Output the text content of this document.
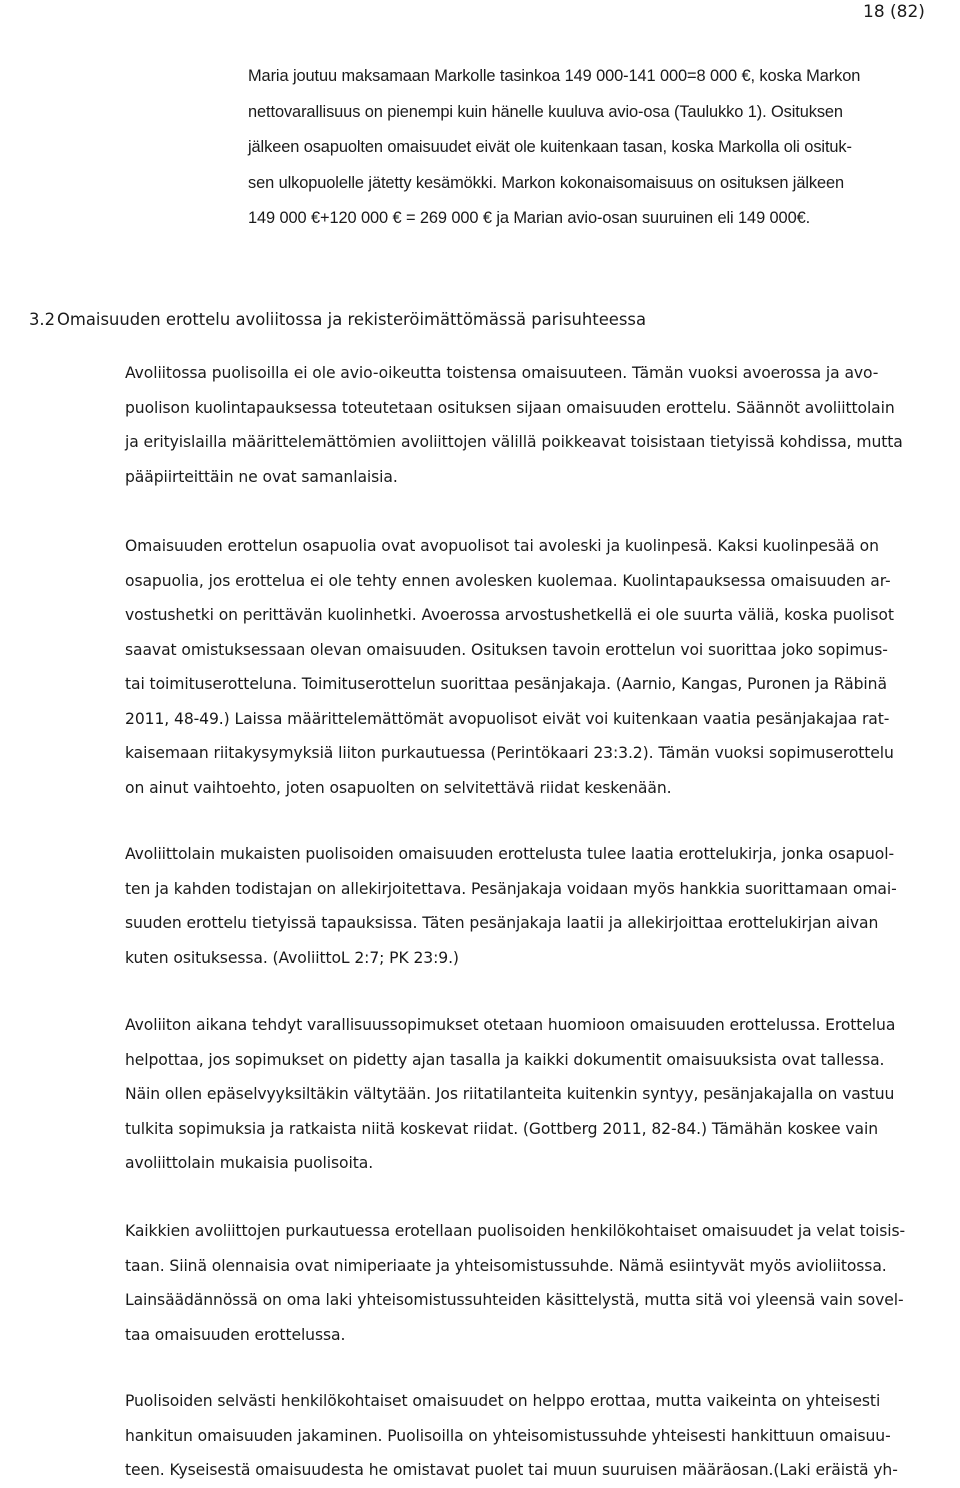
18 (82)
Maria joutuu maksamaan Markolle tasinkoa 149 000-141 000=8 000 €, koska Markon
nettovarallisuus on pienempi kuin hänelle kuuluva avio-osa (Taulukko 1). Osituksen
jälkeen osapuolten omaisuudet eivät ole kuitenkaan tasan, koska Markolla oli osituk-
sen ulkopuolelle jätetty kesämökki. Markon kokonaisomaisuus on osituksen jälkeen
149 000 €+120 000 € = 269 000 € ja Marian avio-osan suuruinen eli 149 000€.
3.2 Omaisuuden erottelu avoliitossa ja rekisteröimättömässä parisuhteessa
Avoliitossa puolisoilla ei ole avio-oikeutta toistensa omaisuuteen. Tämän vuoksi avoerossa ja avo-
puolison kuolintapauksessa toteutetaan osituksen sijaan omaisuuden erottelu. Säännöt avoliittolain
ja erityislailla määrittelemättömien avoliittojen välillä poikkeavat toisistaan tietyissä kohdissa, mutta
pääpiirteittäin ne ovat samanlaisia.
Omaisuuden erottelun osapuolia ovat avopuolisot tai avoleski ja kuolinpesä. Kaksi kuolinpesää on
osapuolia, jos erottelua ei ole tehty ennen avolesken kuolemaa. Kuolintapauksessa omaisuuden ar-
vostushetki on perittävän kuolinhetki. Avoerossa arvostushetkellä ei ole suurta väliä, koska puolisot
saavat omistuksessaan olevan omaisuuden. Osituksen tavoin erottelun voi suorittaa joko sopimus-
tai toimituserotteluna. Toimituserottelun suorittaa pesänjakaja. (Aarnio, Kangas, Puronen ja Räbinä
2011, 48-49.) Laissa määrittelemättömät avopuolisot eivät voi kuitenkaan vaatia pesänjakajaa rat-
kaisemaan riitakysymyksiä liiton purkautuessa (Perintökaari 23:3.2). Tämän vuoksi sopimuserottelu
on ainut vaihtoehto, joten osapuolten on selvitettävä riidat keskenään.
Avoliittolain mukaisten puolisoiden omaisuuden erottelusta tulee laatia erottelukirja, jonka osapuol-
ten ja kahden todistajan on allekirjoitettava. Pesänjakaja voidaan myös hankkia suorittamaan omai-
suuden erottelu tietyissä tapauksissa. Täten pesänjakaja laatii ja allekirjoittaa erottelukirjan aivan
kuten osituksessa. (AvoliittoL 2:7; PK 23:9.)
Avoliiton aikana tehdyt varallisuussopimukset otetaan huomioon omaisuuden erottelussa. Erottelua
helpottaa, jos sopimukset on pidetty ajan tasalla ja kaikki dokumentit omaisuuksista ovat tallessa.
Näin ollen epäselvyyksiltäkin vältytään. Jos riitatilanteita kuitenkin syntyy, pesänjakajalla on vastuu
tulkita sopimuksia ja ratkaista niitä koskevat riidat. (Gottberg 2011, 82-84.) Tämähän koskee vain
avoliittolain mukaisia puolisoita.
Kaikkien avoliittojen purkautuessa erotellaan puolisoiden henkilökohtaiset omaisuudet ja velat toisis-
taan. Siinä olennaisia ovat nimiperiaate ja yhteisomistussuhde. Nämä esiintyvät myös avioliitossa.
Lainsäädännössä on oma laki yhteisomistussuhteiden käsittelystä, mutta sitä voi yleensä vain sovel-
taa omaisuuden erottelussa.
Puolisoiden selvästi henkilökohtaiset omaisuudet on helppo erottaa, mutta vaikeinta on yhteisesti
hankitun omaisuuden jakaminen. Puolisoilla on yhteisomistussuhde yhteisesti hankittuun omaisuu-
teen. Kyseisestä omaisuudesta he omistavat puolet tai muun suuruisen määräosan.(Laki eräistä yh-
